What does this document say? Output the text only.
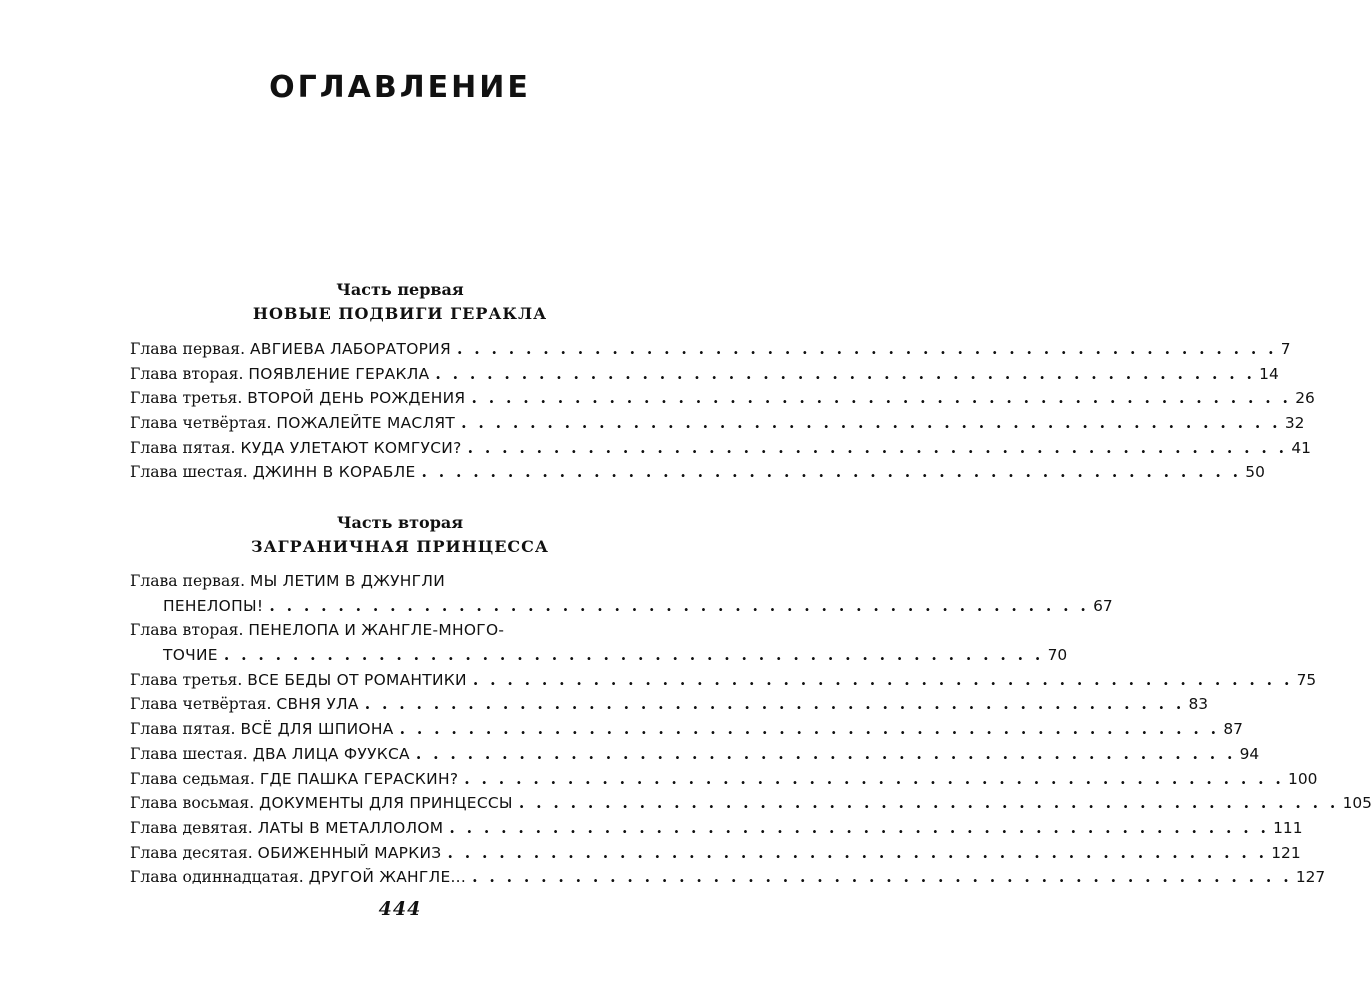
ОГЛАВЛЕНИЕ
Часть первая
НОВЫЕ ПОДВИГИ ГЕРАКЛА
Глава первая. АВГИЕВА ЛАБОРАТОРИЯ . . . . . . . . . . . . . . . . . . . . . . . . . . . . . . . . . . . . . . . . . . . . . . . . 7
Глава вторая. ПОЯВЛЕНИЕ ГЕРАКЛА . . . . . . . . . . . . . . . . . . . . . . . . . . . . . . . . . . . . . . . . . . . . . . . . 14
Глава третья. ВТОРОЙ ДЕНЬ РОЖДЕНИЯ . . . . . . . . . . . . . . . . . . . . . . . . . . . . . . . . . . . . . . . . . . . . . . . . 26
Глава четвёртая. ПОЖАЛЕЙТЕ МАСЛЯТ . . . . . . . . . . . . . . . . . . . . . . . . . . . . . . . . . . . . . . . . . . . . . . . . 32
Глава пятая. КУДА УЛЕТАЮТ КОМГУСИ? . . . . . . . . . . . . . . . . . . . . . . . . . . . . . . . . . . . . . . . . . . . . . . . . 41
Глава шестая. ДЖИНН В КОРАБЛЕ . . . . . . . . . . . . . . . . . . . . . . . . . . . . . . . . . . . . . . . . . . . . . . . . 50
Часть вторая
ЗАГРАНИЧНАЯ ПРИНЦЕССА
Глава первая. МЫ ЛЕТИМ В ДЖУНГЛИ
ПЕНЕЛОПЫ! . . . . . . . . . . . . . . . . . . . . . . . . . . . . . . . . . . . . . . . . . . . . . . . . 67
Глава вторая. ПЕНЕЛОПА И ЖАНГЛЕ-МНОГО-
ТОЧИЕ . . . . . . . . . . . . . . . . . . . . . . . . . . . . . . . . . . . . . . . . . . . . . . . . 70
Глава третья. ВСЕ БЕДЫ ОТ РОМАНТИКИ . . . . . . . . . . . . . . . . . . . . . . . . . . . . . . . . . . . . . . . . . . . . . . . . 75
Глава четвёртая. СВНЯ УЛА . . . . . . . . . . . . . . . . . . . . . . . . . . . . . . . . . . . . . . . . . . . . . . . . 83
Глава пятая. ВСЁ ДЛЯ ШПИОНА . . . . . . . . . . . . . . . . . . . . . . . . . . . . . . . . . . . . . . . . . . . . . . . . 87
Глава шестая. ДВА ЛИЦА ФУУКСА . . . . . . . . . . . . . . . . . . . . . . . . . . . . . . . . . . . . . . . . . . . . . . . . 94
Глава седьмая. ГДЕ ПАШКА ГЕРАСКИН? . . . . . . . . . . . . . . . . . . . . . . . . . . . . . . . . . . . . . . . . . . . . . . . . 100
Глава восьмая. ДОКУМЕНТЫ ДЛЯ ПРИНЦЕССЫ . . . . . . . . . . . . . . . . . . . . . . . . . . . . . . . . . . . . . . . . . . . . . . . . 105
Глава девятая. ЛАТЫ В МЕТАЛЛОЛОМ . . . . . . . . . . . . . . . . . . . . . . . . . . . . . . . . . . . . . . . . . . . . . . . . 111
Глава десятая. ОБИЖЕННЫЙ МАРКИЗ . . . . . . . . . . . . . . . . . . . . . . . . . . . . . . . . . . . . . . . . . . . . . . . . 121
Глава одиннадцатая. ДРУГОЙ ЖАНГЛЕ... . . . . . . . . . . . . . . . . . . . . . . . . . . . . . . . . . . . . . . . . . . . . . . . . 127
444
